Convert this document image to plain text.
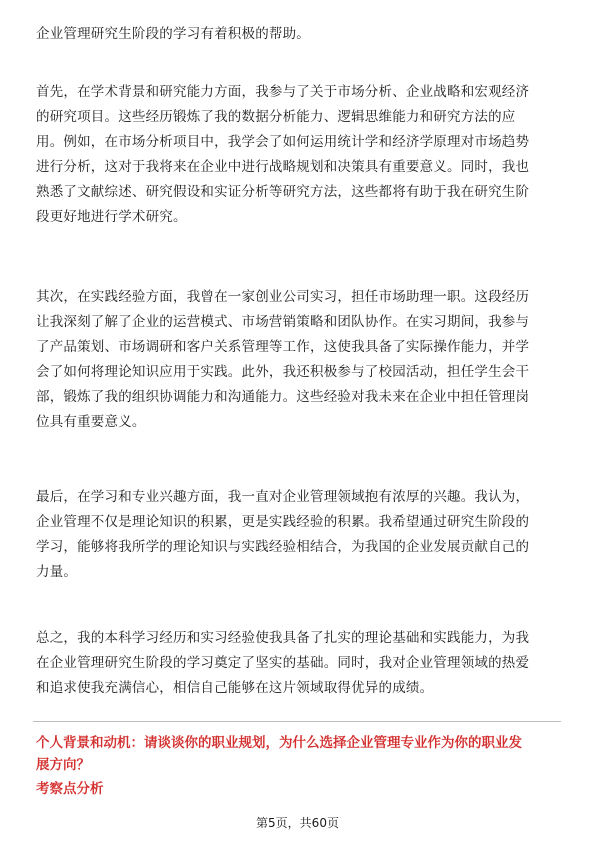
企业管理研究生阶段的学习有着积极的帮助。

首先，在学术背景和研究能力方面，我参与了关于市场分析、企业战略和宏观经济
的研究项目。这些经历锻炼了我的数据分析能力、逻辑思维能力和研究方法的应
用。例如，在市场分析项目中，我学会了如何运用统计学和经济学原理对市场趋势
进行分析，这对于我将来在企业中进行战略规划和决策具有重要意义。同时，我也
熟悉了文献综述、研究假设和实证分析等研究方法，这些都将有助于我在研究生阶
段更好地进行学术研究。

其次，在实践经验方面，我曾在一家创业公司实习，担任市场助理一职。这段经历
让我深刻了解了企业的运营模式、市场营销策略和团队协作。在实习期间，我参与
了产品策划、市场调研和客户关系管理等工作，这使我具备了实际操作能力，并学
会了如何将理论知识应用于实践。此外，我还积极参与了校园活动，担任学生会干
部，锻炼了我的组织协调能力和沟通能力。这些经验对我未来在企业中担任管理岗
位具有重要意义。

最后，在学习和专业兴趣方面，我一直对企业管理领域抱有浓厚的兴趣。我认为，
企业管理不仅是理论知识的积累，更是实践经验的积累。我希望通过研究生阶段的
学习，能够将我所学的理论知识与实践经验相结合，为我国的企业发展贡献自己的
力量。

总之，我的本科学习经历和实习经验使我具备了扎实的理论基础和实践能力，为我
在企业管理研究生阶段的学习奠定了坚实的基础。同时，我对企业管理领域的热爱
和追求使我充满信心，相信自己能够在这片领域取得优异的成绩。

个人背景和动机：请谈谈你的职业规划，为什么选择企业管理专业作为你的职业发
展方向？

考察点分析

第5页，共60页
